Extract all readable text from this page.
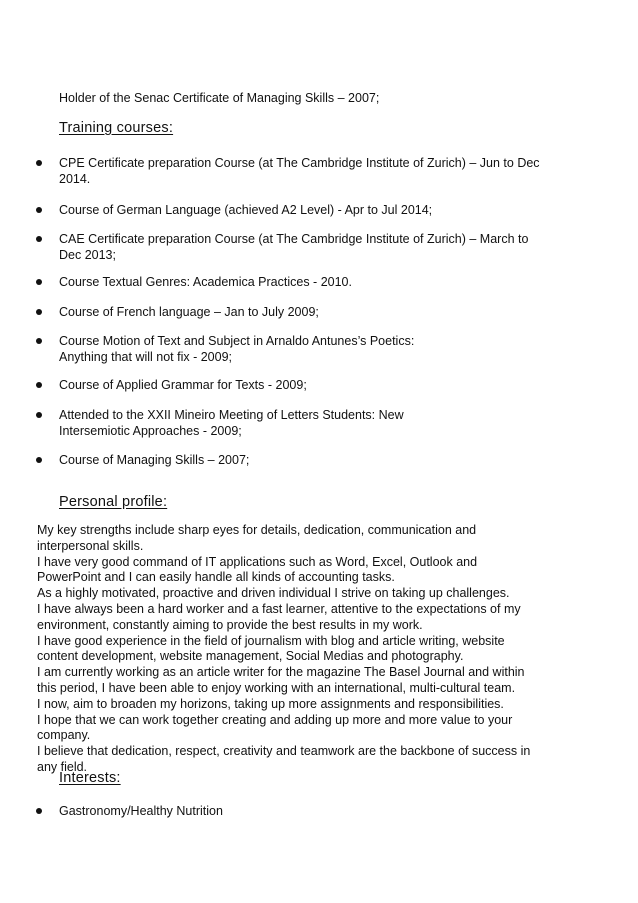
Holder of the Senac Certificate of Managing Skills – 2007;
Training courses:
CPE Certificate preparation Course (at The Cambridge Institute of Zurich) – Jun to Dec
2014.
Course of German Language (achieved A2 Level) - Apr to Jul 2014;
CAE Certificate preparation Course (at The Cambridge Institute of Zurich) – March to
Dec 2013;
Course Textual Genres: Academica Practices - 2010.
Course of French language – Jan to July 2009;
Course Motion of Text and Subject in Arnaldo Antunes’s Poetics:
Anything that will not fix - 2009;
Course of Applied Grammar for Texts - 2009;
Attended to the XXII Mineiro Meeting of Letters Students: New
Intersemiotic Approaches - 2009;
Course of Managing Skills – 2007;
Personal profile:
My key strengths include sharp eyes for details, dedication, communication and
interpersonal skills.
I have very good command of IT applications such as Word, Excel, Outlook and
PowerPoint and I can easily handle all kinds of accounting tasks.
As a highly motivated, proactive and driven individual I strive on taking up challenges.
I have always been a hard worker and a fast learner, attentive to the expectations of my
environment, constantly aiming to provide the best results in my work.
I have good experience in the field of journalism with blog and article writing, website
content development, website management, Social Medias and photography.
I am currently working as an article writer for the magazine The Basel Journal and within
this period, I have been able to enjoy working with an international, multi-cultural team.
I now, aim to broaden my horizons, taking up more assignments and responsibilities.
I hope that we can work together creating and adding up more and more value to your
company.
I believe that dedication, respect, creativity and teamwork are the backbone of success in
any field.
Interests:
Gastronomy/Healthy Nutrition
